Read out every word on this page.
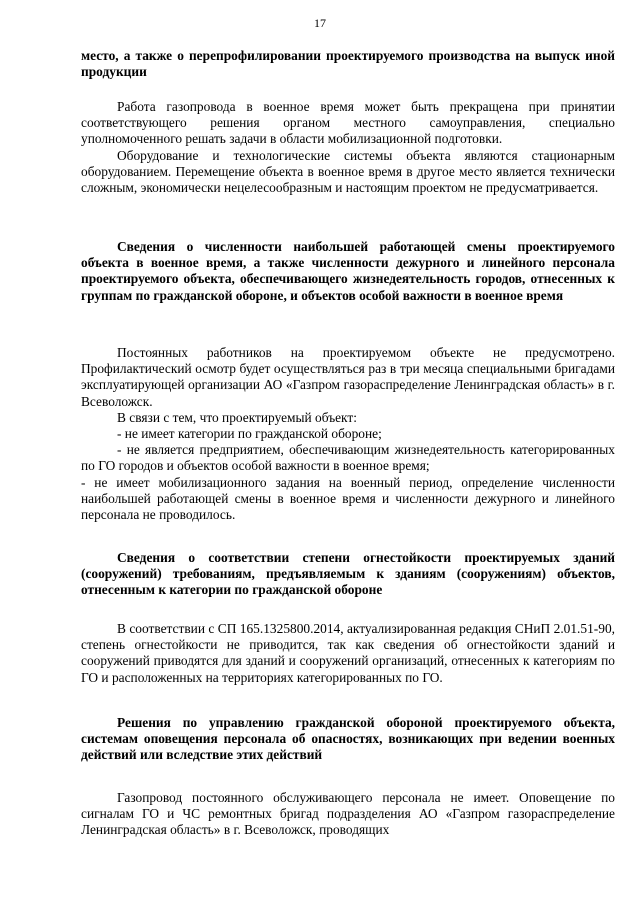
17

место, а также о перепрофилировании проектируемого производства на выпуск иной продукции

Работа газопровода в военное время может быть прекращена при принятии соответствующего решения органом местного самоуправления, специально уполномоченного решать задачи в области мобилизационной подготовки.

Оборудование и технологические системы объекта являются стационарным оборудованием. Перемещение объекта в военное время в другое место является технически сложным, экономически нецелесообразным и настоящим проектом не предусматривается.

Сведения о численности наибольшей работающей смены проектируемого объекта в военное время, а также численности дежурного и линейного персонала проектируемого объекта, обеспечивающего жизнедеятельность городов, отнесенных к группам по гражданской обороне, и объектов особой важности в военное время

Постоянных работников на проектируемом объекте не предусмотрено. Профилактический осмотр будет осуществляться раз в три месяца специальными бригадами эксплуатирующей организации АО «Газпром газораспределение Ленинградская область» в г. Всеволожск.

В связи с тем, что проектируемый объект:

- не имеет категории по гражданской обороне;

- не является предприятием, обеспечивающим жизнедеятельность категорированных по ГО городов и объектов особой важности в военное время;

- не имеет мобилизационного задания на военный период, определение численности наибольшей работающей смены в военное время и численности дежурного и линейного персонала не проводилось.

Сведения о соответствии степени огнестойкости проектируемых зданий (сооружений) требованиям, предъявляемым к зданиям (сооружениям) объектов, отнесенным к категории по гражданской обороне

В соответствии с СП 165.1325800.2014, актуализированная редакция СНиП 2.01.51-90, степень огнестойкости не приводится, так как сведения об огнестойкости зданий и сооружений приводятся для зданий и сооружений организаций, отнесенных к категориям по ГО и расположенных на территориях категорированных по ГО.

Решения по управлению гражданской обороной проектируемого объекта, системам оповещения персонала об опасностях, возникающих при ведении военных действий или вследствие этих действий

Газопровод постоянного обслуживающего персонала не имеет. Оповещение по сигналам ГО и ЧС ремонтных бригад подразделения АО «Газпром газораспределение Ленинградская область» в г. Всеволожск, проводящих
